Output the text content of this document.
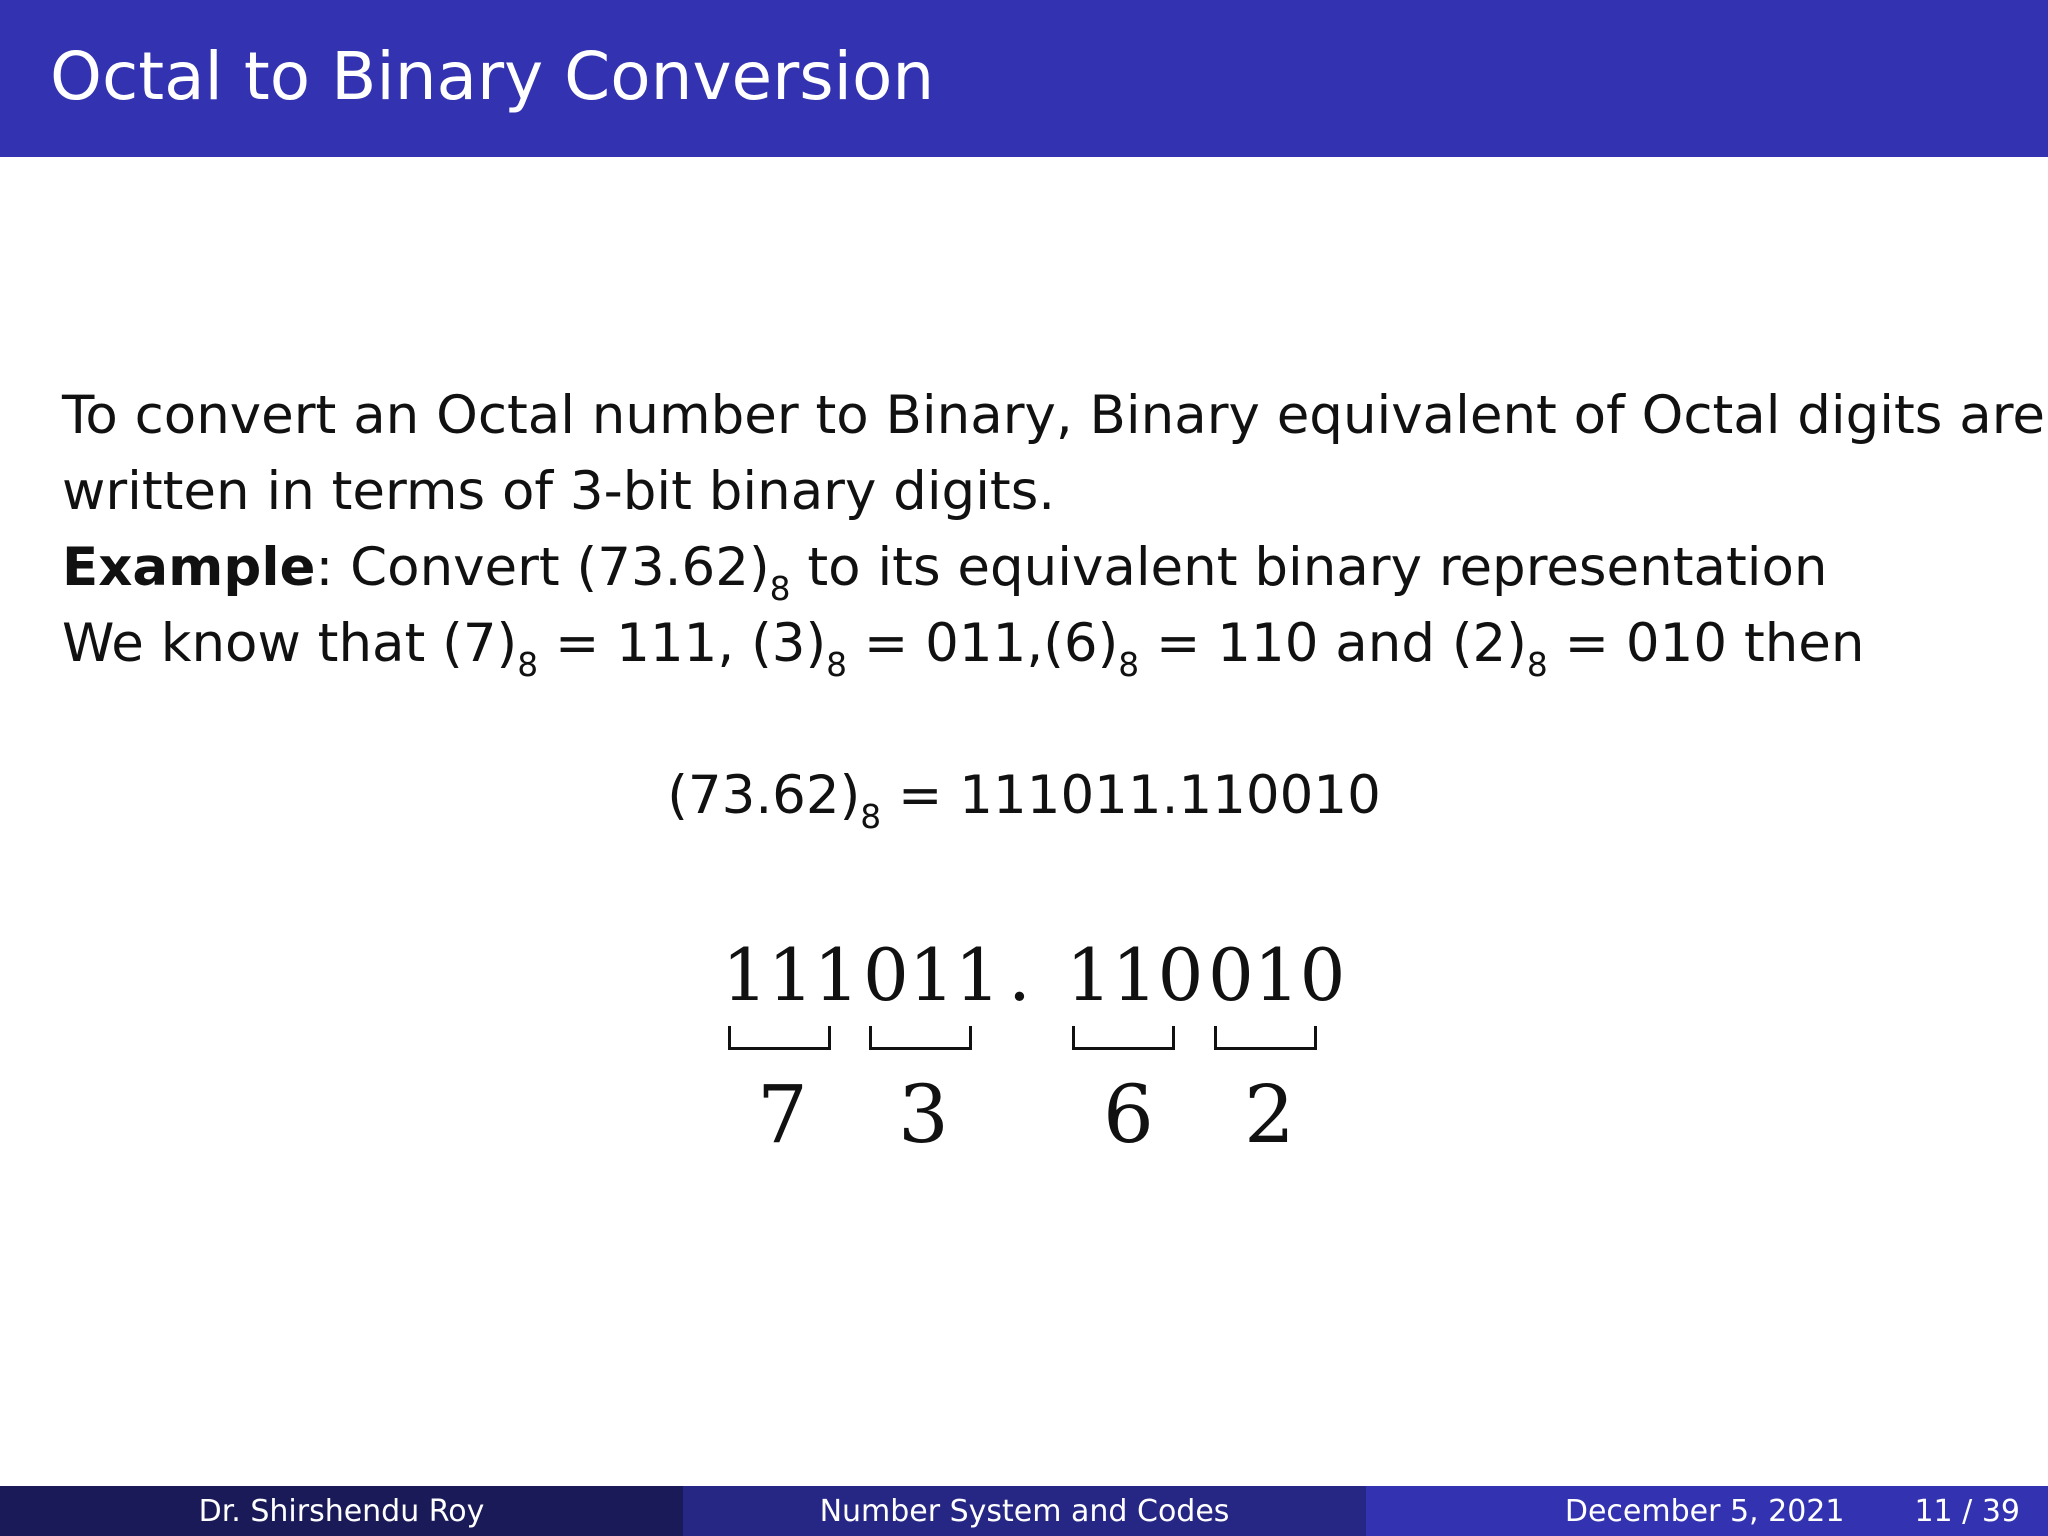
Octal to Binary Conversion
To convert an Octal number to Binary, Binary equivalent of Octal digits are
written in terms of 3-bit binary digits.
Example: Convert $(73.62)_8$ to its equivalent binary representation
We know that $(7)_8 = 111$, $(3)_8 = 011,(6)_8 = 110$ and $(2)_8 = 010$ then
$(73.62)_8 = 111011.110010$
111 011 . 110 010
7 3 6 2
Dr. Shirshendu Roy	Number System and Codes	December 5, 2021 11 / 39
